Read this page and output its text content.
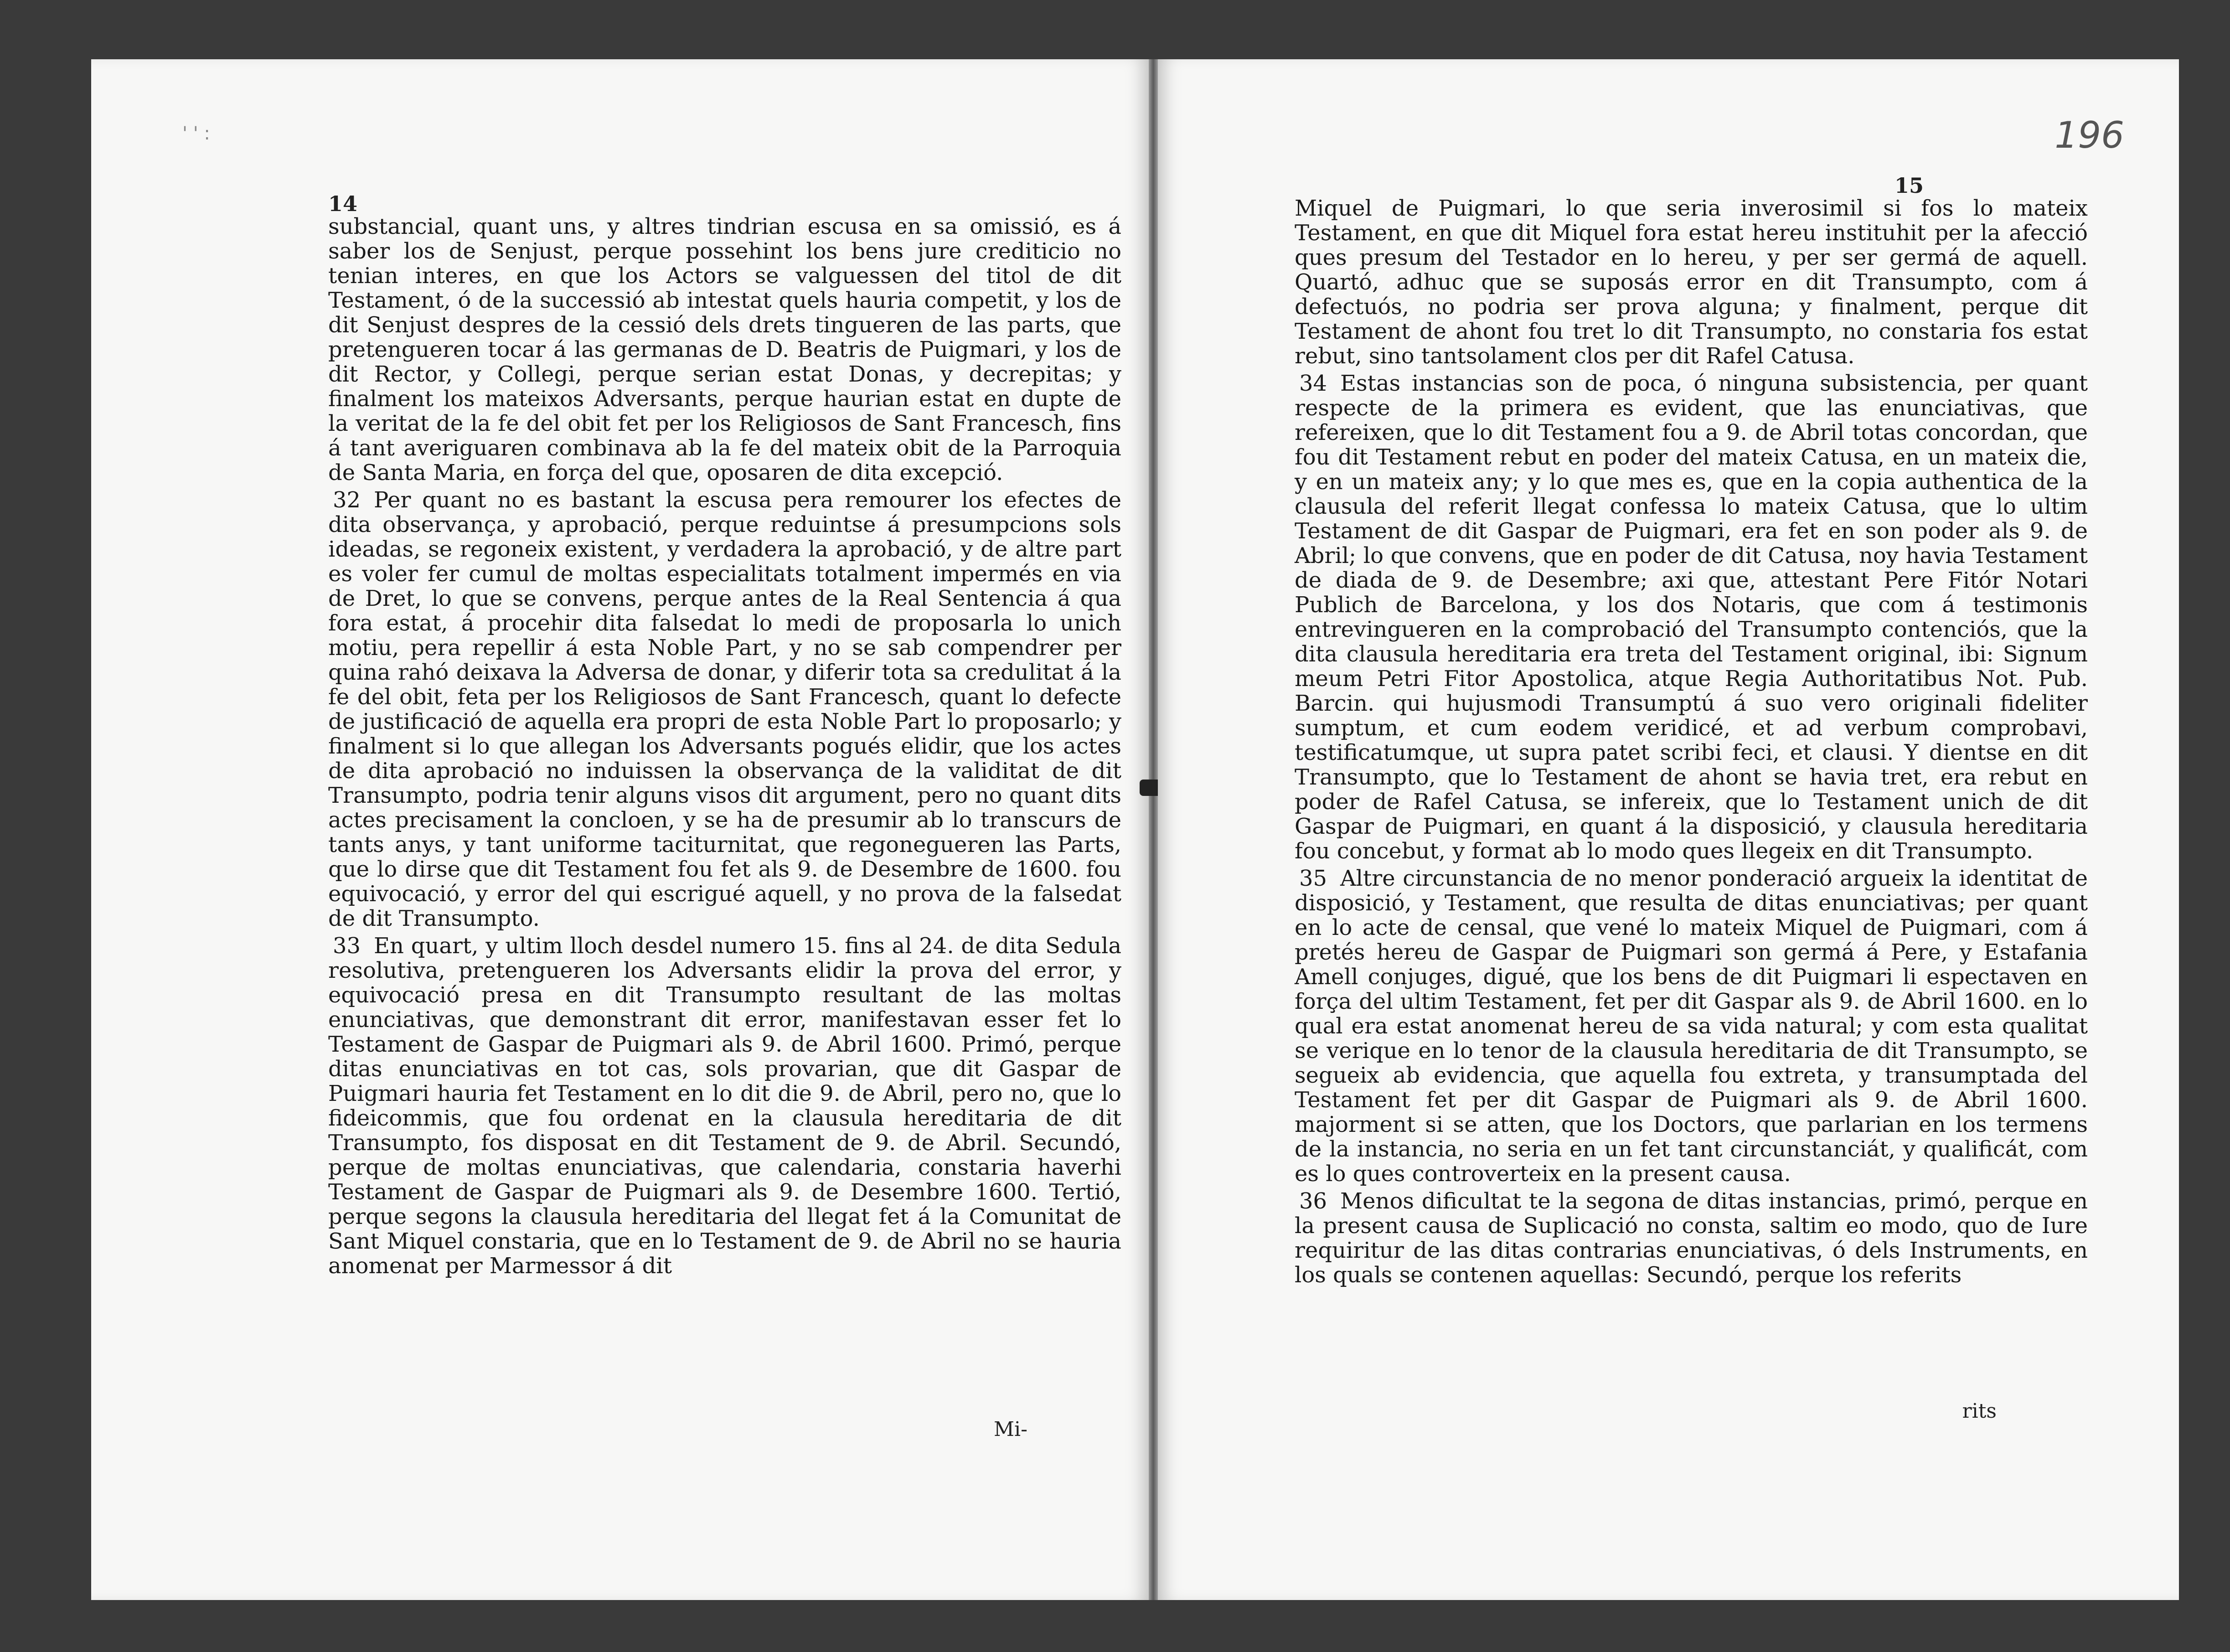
' ' :
14

substancial, quant uns, y altres tindrian escusa en sa omissió, es á saber los de Senjust, perque possehint los bens jure crediticio no tenian interes, en que los Actors se valguessen del titol de dit Testament, ó de la successió ab intestat quels hauria competit, y los de dit Senjust despres de la cessió dels drets tingueren de las parts, que pretengueren tocar á las germanas de D. Beatris de Puigmari, y los de dit Rector, y Collegi, perque serian estat Donas, y decrepitas; y finalment los mateixos Adversants, perque haurian estat en dupte de la veritat de la fe del obit fet per los Religiosos de Sant Francesch, fins á tant averiguaren combinava ab la fe del mateix obit de la Parroquia de Santa Maria, en força del que, oposaren de dita excepció.

32 Per quant no es bastant la escusa pera remourer los efectes de dita observança, y aprobació, perque reduintse á presumpcions sols ideadas, se regoneix existent, y verdadera la aprobació, y de altre part es voler fer cumul de moltas especialitats totalment impermés en via de Dret, lo que se convens, perque antes de la Real Sentencia á qua fora estat, á procehir dita falsedat lo medi de proposarla lo unich motiu, pera repellir á esta Noble Part, y no se sab compendrer per quina rahó deixava la Adversa de donar, y diferir tota sa credulitat á la fe del obit, feta per los Religiosos de Sant Francesch, quant lo defecte de justificació de aquella era propri de esta Noble Part lo proposarlo; y finalment si lo que allegan los Adversants pogués elidir, que los actes de dita aprobació no induissen la observança de la validitat de dit Transumpto, podria tenir alguns visos dit argument, pero no quant dits actes precisament la concloen, y se ha de presumir ab lo transcurs de tants anys, y tant uniforme taciturnitat, que regonegueren las Parts, que lo dirse que dit Testament fou fet als 9. de Desembre de 1600. fou equivocació, y error del qui escrigué aquell, y no prova de la falsedat de dit Transumpto.

33 En quart, y ultim lloch desdel numero 15. fins al 24. de dita Sedula resolutiva, pretengueren los Adversants elidir la prova del error, y equivocació presa en dit Transumpto resultant de las moltas enunciativas, que demonstrant dit error, manifestavan esser fet lo Testament de Gaspar de Puigmari als 9. de Abril 1600. Primó, perque ditas enunciativas en tot cas, sols provarian, que dit Gaspar de Puigmari hauria fet Testament en lo dit die 9. de Abril, pero no, que lo fideicommis, que fou ordenat en la clausula hereditaria de dit Transumpto, fos disposat en dit Testament de 9. de Abril. Secundó, perque de moltas enunciativas, que calendaria, constaria haverhi Testament de Gaspar de Puigmari als 9. de Desembre 1600. Tertió, perque segons la clausula hereditaria del llegat fet á la Comunitat de Sant Miquel constaria, que en lo Testament de 9. de Abril no se hauria anomenat per Marmessor á dit

Mi-
196
15

Miquel de Puigmari, lo que seria inverosimil si fos lo mateix Testament, en que dit Miquel fora estat hereu instituhit per la afecció ques presum del Testador en lo hereu, y per ser germá de aquell. Quartó, adhuc que se suposás error en dit Transumpto, com á defectuós, no podria ser prova alguna; y finalment, perque dit Testament de ahont fou tret lo dit Transumpto, no constaria fos estat rebut, sino tantsolament clos per dit Rafel Catusa.

34 Estas instancias son de poca, ó ninguna subsistencia, per quant respecte de la primera es evident, que las enunciativas, que refereixen, que lo dit Testament fou a 9. de Abril totas concordan, que fou dit Testament rebut en poder del mateix Catusa, en un mateix die, y en un mateix any; y lo que mes es, que en la copia authentica de la clausula del referit llegat confessa lo mateix Catusa, que lo ultim Testament de dit Gaspar de Puigmari, era fet en son poder als 9. de Abril; lo que convens, que en poder de dit Catusa, noy havia Testament de diada de 9. de Desembre; axi que, attestant Pere Fitór Notari Publich de Barcelona, y los dos Notaris, que com á testimonis entrevingueren en la comprobació del Transumpto contenciós, que la dita clausula hereditaria era treta del Testament original, ibi: Signum meum Petri Fitor Apostolica, atque Regia Authoritatibus Not. Pub. Barcin. qui hujusmodi Transumptú á suo vero originali fideliter sumptum, et cum eodem veridicé, et ad verbum comprobavi, testificatumque, ut supra patet scribi feci, et clausi. Y dientse en dit Transumpto, que lo Testament de ahont se havia tret, era rebut en poder de Rafel Catusa, se infereix, que lo Testament unich de dit Gaspar de Puigmari, en quant á la disposició, y clausula hereditaria fou concebut, y format ab lo modo ques llegeix en dit Transumpto.

35 Altre circunstancia de no menor ponderació argueix la identitat de disposició, y Testament, que resulta de ditas enunciativas; per quant en lo acte de censal, que vené lo mateix Miquel de Puigmari, com á pretés hereu de Gaspar de Puigmari son germá á Pere, y Estafania Amell conjuges, digué, que los bens de dit Puigmari li espectaven en força del ultim Testament, fet per dit Gaspar als 9. de Abril 1600. en lo qual era estat anomenat hereu de sa vida natural; y com esta qualitat se verique en lo tenor de la clausula hereditaria de dit Transumpto, se segueix ab evidencia, que aquella fou extreta, y transumptada del Testament fet per dit Gaspar de Puigmari als 9. de Abril 1600. majorment si se atten, que los Doctors, que parlarian en los termens de la instancia, no seria en un fet tant circunstanciát, y qualificát, com es lo ques controverteix en la present causa.

36 Menos dificultat te la segona de ditas instancias, primó, perque en la present causa de Suplicació no consta, saltim eo modo, quo de Iure requiritur de las ditas contrarias enunciativas, ó dels Instruments, en los quals se contenen aquellas: Secundó, perque los referits

rits
